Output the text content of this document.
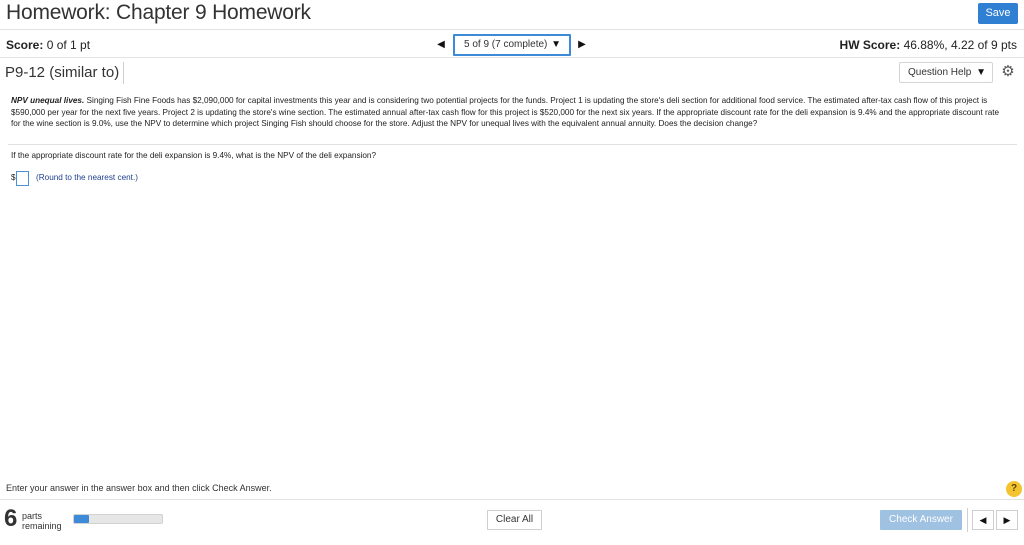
Homework: Chapter 9 Homework	Save
Score: 0 of 1 pt	◀	5 of 9 (7 complete) ▼	▶	HW Score: 46.88%, 4.22 of 9 pts
P9-12 (similar to)	Question Help ▼ ⚙
NPV unequal lives. Singing Fish Fine Foods has $2,090,000 for capital investments this year and is considering two potential projects for the funds. Project 1 is updating the store's deli section for additional food service. The estimated after-tax cash flow of this project is $590,000 per year for the next five years. Project 2 is updating the store's wine section. The estimated annual after-tax cash flow for this project is $520,000 for the next six years. If the appropriate discount rate for the deli expansion is 9.4% and the appropriate discount rate for the wine section is 9.0%, use the NPV to determine which project Singing Fish should choose for the store. Adjust the NPV for unequal lives with the equivalent annual annuity. Does the decision change?
If the appropriate discount rate for the deli expansion is 9.4%, what is the NPV of the deli expansion?
$ (Round to the nearest cent.)
Enter your answer in the answer box and then click Check Answer.	?
6 parts
remaining
Clear All	Check Answer	◀	▶
